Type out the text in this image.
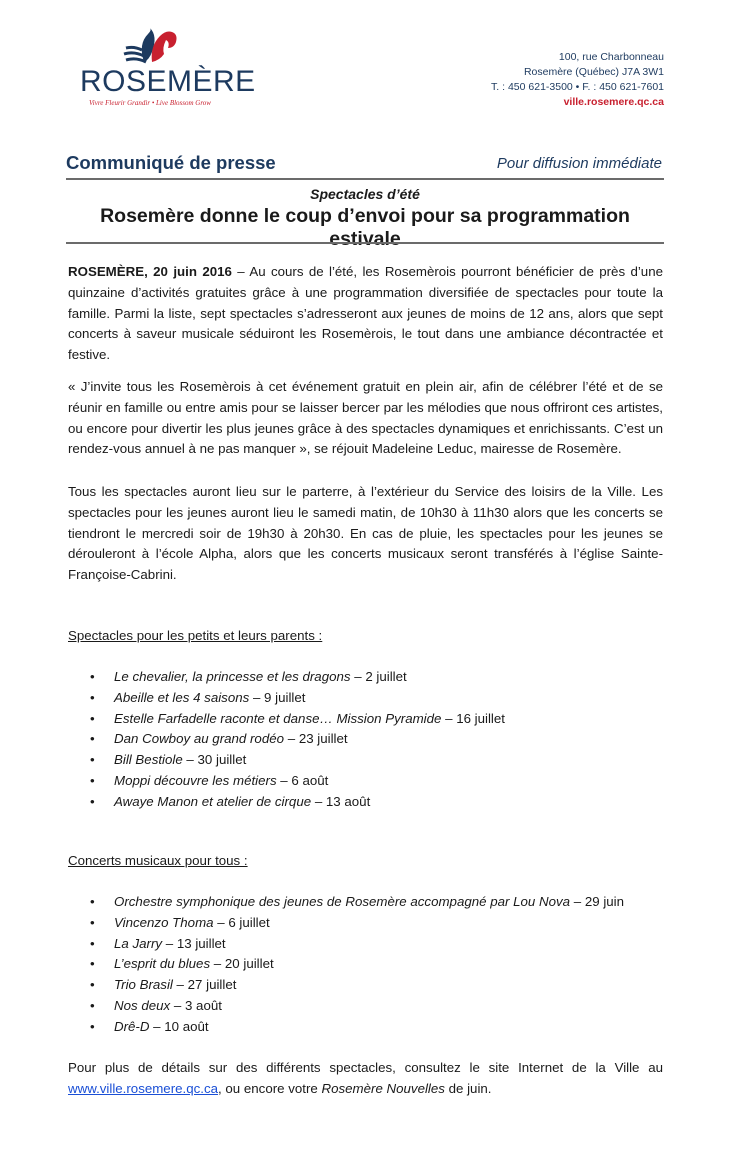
ROSEMÈRE
Vivre Fleurir Grandir • Live Blossom Grow
100, rue Charbonneau
Rosemère (Québec) J7A 3W1
T. : 450 621-3500 • F. : 450 621-7601
ville.rosemere.qc.ca
Communiqué de presse	Pour diffusion immédiate
Spectacles d’été
Rosemère donne le coup d’envoi pour sa programmation estivale

ROSEMÈRE, 20 juin 2016 – Au cours de l’été, les Rosemèrois pourront bénéficier de près d’une quinzaine d’activités gratuites grâce à une programmation diversifiée de spectacles pour toute la famille. Parmi la liste, sept spectacles s’adresseront aux jeunes de moins de 12 ans, alors que sept concerts à saveur musicale séduiront les Rosemèrois, le tout dans une ambiance décontractée et festive.

« J’invite tous les Rosemèrois à cet événement gratuit en plein air, afin de célébrer l’été et de se réunir en famille ou entre amis pour se laisser bercer par les mélodies que nous offriront ces artistes, ou encore pour divertir les plus jeunes grâce à des spectacles dynamiques et enrichissants. C’est un rendez-vous annuel à ne pas manquer », se réjouit Madeleine Leduc, mairesse de Rosemère.

Tous les spectacles auront lieu sur le parterre, à l’extérieur du Service des loisirs de la Ville. Les spectacles pour les jeunes auront lieu le samedi matin, de 10h30 à 11h30 alors que les concerts se tiendront le mercredi soir de 19h30 à 20h30. En cas de pluie, les spectacles pour les jeunes se dérouleront à l’école Alpha, alors que les concerts musicaux seront transférés à l’église Sainte-Françoise-Cabrini.

Spectacles pour les petits et leurs parents :
• Le chevalier, la princesse et les dragons – 2 juillet
• Abeille et les 4 saisons – 9 juillet
• Estelle Farfadelle raconte et danse… Mission Pyramide – 16 juillet
• Dan Cowboy au grand rodéo – 23 juillet
• Bill Bestiole – 30 juillet
• Moppi découvre les métiers – 6 août
• Awaye Manon et atelier de cirque – 13 août
Concerts musicaux pour tous :
• Orchestre symphonique des jeunes de Rosemère accompagné par Lou Nova – 29 juin
• Vincenzo Thoma – 6 juillet
• La Jarry – 13 juillet
• L’esprit du blues – 20 juillet
• Trio Brasil – 27 juillet
• Nos deux – 3 août
• Drê-D – 10 août

Pour plus de détails sur des différents spectacles, consultez le site Internet de la Ville au www.ville.rosemere.qc.ca, ou encore votre Rosemère Nouvelles de juin.
